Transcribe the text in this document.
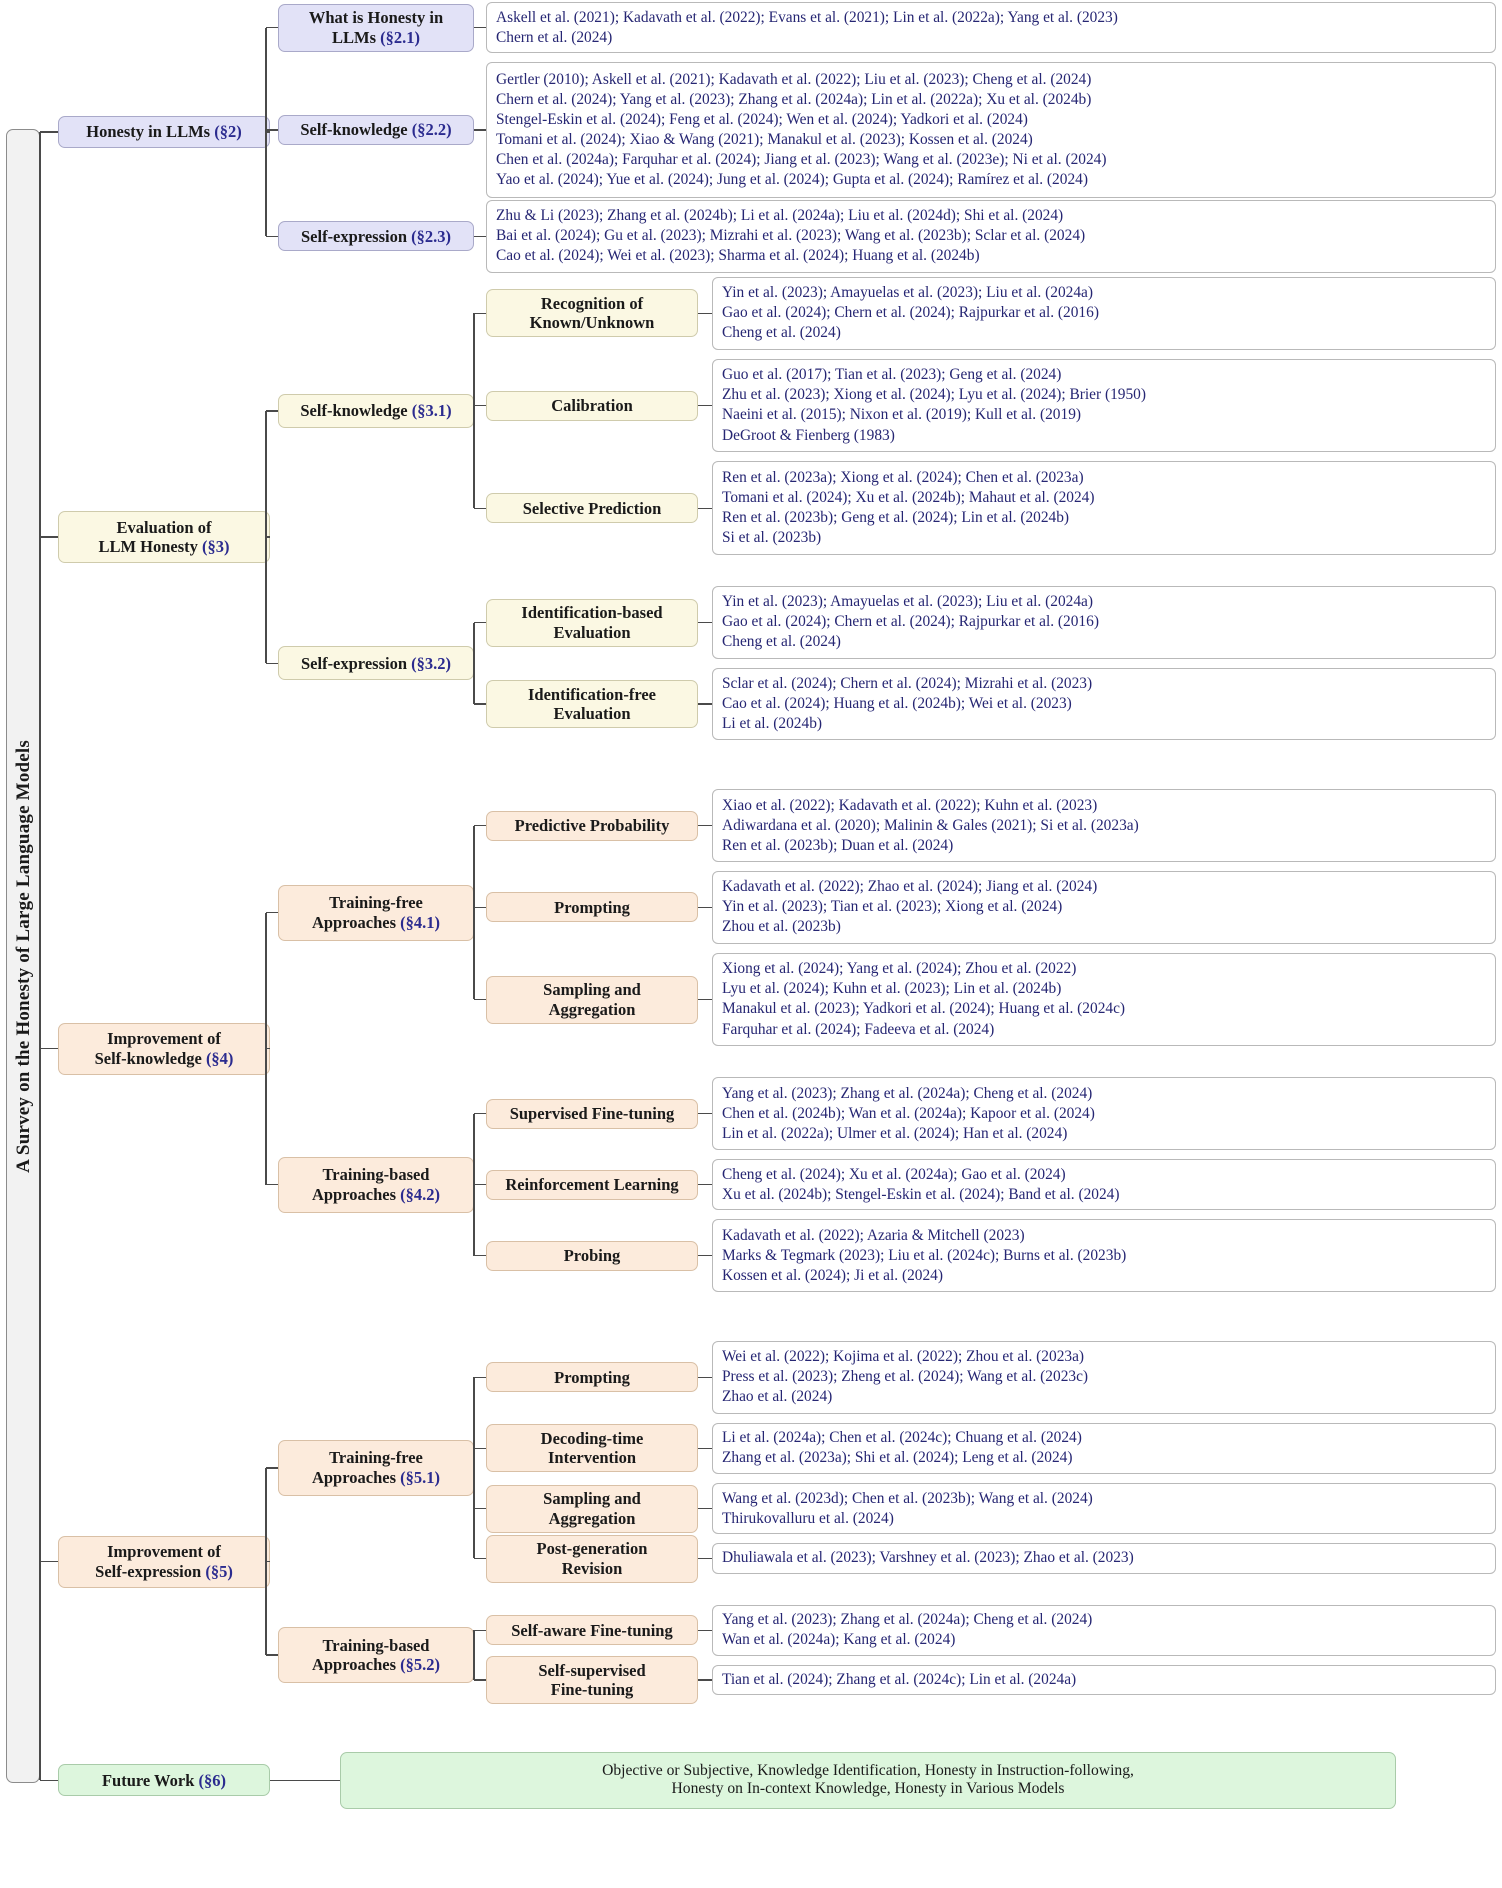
Askell et al. (2021); Kadavath et al. (2022); Evans et al. (2021); Lin et al. (2022a); Yang et al. (2023)
Chern et al. (2024)
What is Honesty in LLMs (§2.1)
Gertler (2010); Askell et al. (2021); Kadavath et al. (2022); Liu et al. (2023); Cheng et al. (2024)
Chern et al. (2024); Yang et al. (2023); Zhang et al. (2024a); Lin et al. (2022a); Xu et al. (2024b)
Stengel-Eskin et al. (2024); Feng et al. (2024); Wen et al. (2024); Yadkori et al. (2024)
Tomani et al. (2024); Xiao & Wang (2021); Manakul et al. (2023); Kossen et al. (2024)
Chen et al. (2024a); Farquhar et al. (2024); Jiang et al. (2023); Wang et al. (2023e); Ni et al. (2024)
Yao et al. (2024); Yue et al. (2024); Jung et al. (2024); Gupta et al. (2024); Ramírez et al. (2024)
Self-knowledge (§2.2)
Zhu & Li (2023); Zhang et al. (2024b); Li et al. (2024a); Liu et al. (2024d); Shi et al. (2024)
Bai et al. (2024); Gu et al. (2023); Mizrahi et al. (2023); Wang et al. (2023b); Sclar et al. (2024)
Cao et al. (2024); Wei et al. (2023); Sharma et al. (2024); Huang et al. (2024b)
Self-expression (§2.3)
Honesty in LLMs (§2)
Yin et al. (2023); Amayuelas et al. (2023); Liu et al. (2024a)
Gao et al. (2024); Chern et al. (2024); Rajpurkar et al. (2016)
Cheng et al. (2024)
Recognition of
Known/Unknown
Guo et al. (2017); Tian et al. (2023); Geng et al. (2024)
Zhu et al. (2023); Xiong et al. (2024); Lyu et al. (2024); Brier (1950)
Naeini et al. (2015); Nixon et al. (2019); Kull et al. (2019)
DeGroot & Fienberg (1983)
Calibration
Ren et al. (2023a); Xiong et al. (2024); Chen et al. (2023a)
Tomani et al. (2024); Xu et al. (2024b); Mahaut et al. (2024)
Ren et al. (2023b); Geng et al. (2024); Lin et al. (2024b)
Si et al. (2023b)
Selective Prediction
Self-knowledge (§3.1)
Yin et al. (2023); Amayuelas et al. (2023); Liu et al. (2024a)
Gao et al. (2024); Chern et al. (2024); Rajpurkar et al. (2016)
Cheng et al. (2024)
Identification-based
Evaluation
Sclar et al. (2024); Chern et al. (2024); Mizrahi et al. (2023)
Cao et al. (2024); Huang et al. (2024b); Wei et al. (2023)
Li et al. (2024b)
Identification-free
Evaluation
Self-expression (§3.2)
Evaluation of
LLM Honesty (§3)
Xiao et al. (2022); Kadavath et al. (2022); Kuhn et al. (2023)
Adiwardana et al. (2020); Malinin & Gales (2021); Si et al. (2023a)
Ren et al. (2023b); Duan et al. (2024)
Predictive Probability
Kadavath et al. (2022); Zhao et al. (2024); Jiang et al. (2024)
Yin et al. (2023); Tian et al. (2023); Xiong et al. (2024)
Zhou et al. (2023b)
Prompting
Xiong et al. (2024); Yang et al. (2024); Zhou et al. (2022)
Lyu et al. (2024); Kuhn et al. (2023); Lin et al. (2024b)
Manakul et al. (2023); Yadkori et al. (2024); Huang et al. (2024c)
Farquhar et al. (2024); Fadeeva et al. (2024)
Sampling and
Aggregation
Training-free
Approaches (§4.1)
Yang et al. (2023); Zhang et al. (2024a); Cheng et al. (2024)
Chen et al. (2024b); Wan et al. (2024a); Kapoor et al. (2024)
Lin et al. (2022a); Ulmer et al. (2024); Han et al. (2024)
Supervised Fine-tuning
Cheng et al. (2024); Xu et al. (2024a); Gao et al. (2024)
Xu et al. (2024b); Stengel-Eskin et al. (2024); Band et al. (2024)
Reinforcement Learning
Kadavath et al. (2022); Azaria & Mitchell (2023)
Marks & Tegmark (2023); Liu et al. (2024c); Burns et al. (2023b)
Kossen et al. (2024); Ji et al. (2024)
Probing
Training-based
Approaches (§4.2)
Improvement of
Self-knowledge (§4)
Wei et al. (2022); Kojima et al. (2022); Zhou et al. (2023a)
Press et al. (2023); Zheng et al. (2024); Wang et al. (2023c)
Zhao et al. (2024)
Prompting
Li et al. (2024a); Chen et al. (2024c); Chuang et al. (2024)
Zhang et al. (2023a); Shi et al. (2024); Leng et al. (2024)
Decoding-time
Intervention
Wang et al. (2023d); Chen et al. (2023b); Wang et al. (2024)
Thirukovalluru et al. (2024)
Sampling and
Aggregation
Dhuliawala et al. (2023); Varshney et al. (2023); Zhao et al. (2023)
Post-generation
Revision
Training-free
Approaches (§5.1)
Yang et al. (2023); Zhang et al. (2024a); Cheng et al. (2024)
Wan et al. (2024a); Kang et al. (2024)
Self-aware Fine-tuning
Tian et al. (2024); Zhang et al. (2024c); Lin et al. (2024a)
Self-supervised
Fine-tuning
Training-based
Approaches (§5.2)
Improvement of
Self-expression (§5)
Objective or Subjective, Knowledge Identification, Honesty in Instruction-following,
Honesty on In-context Knowledge, Honesty in Various Models
Future Work (§6)
A Survey on the Honesty of Large Language Models
